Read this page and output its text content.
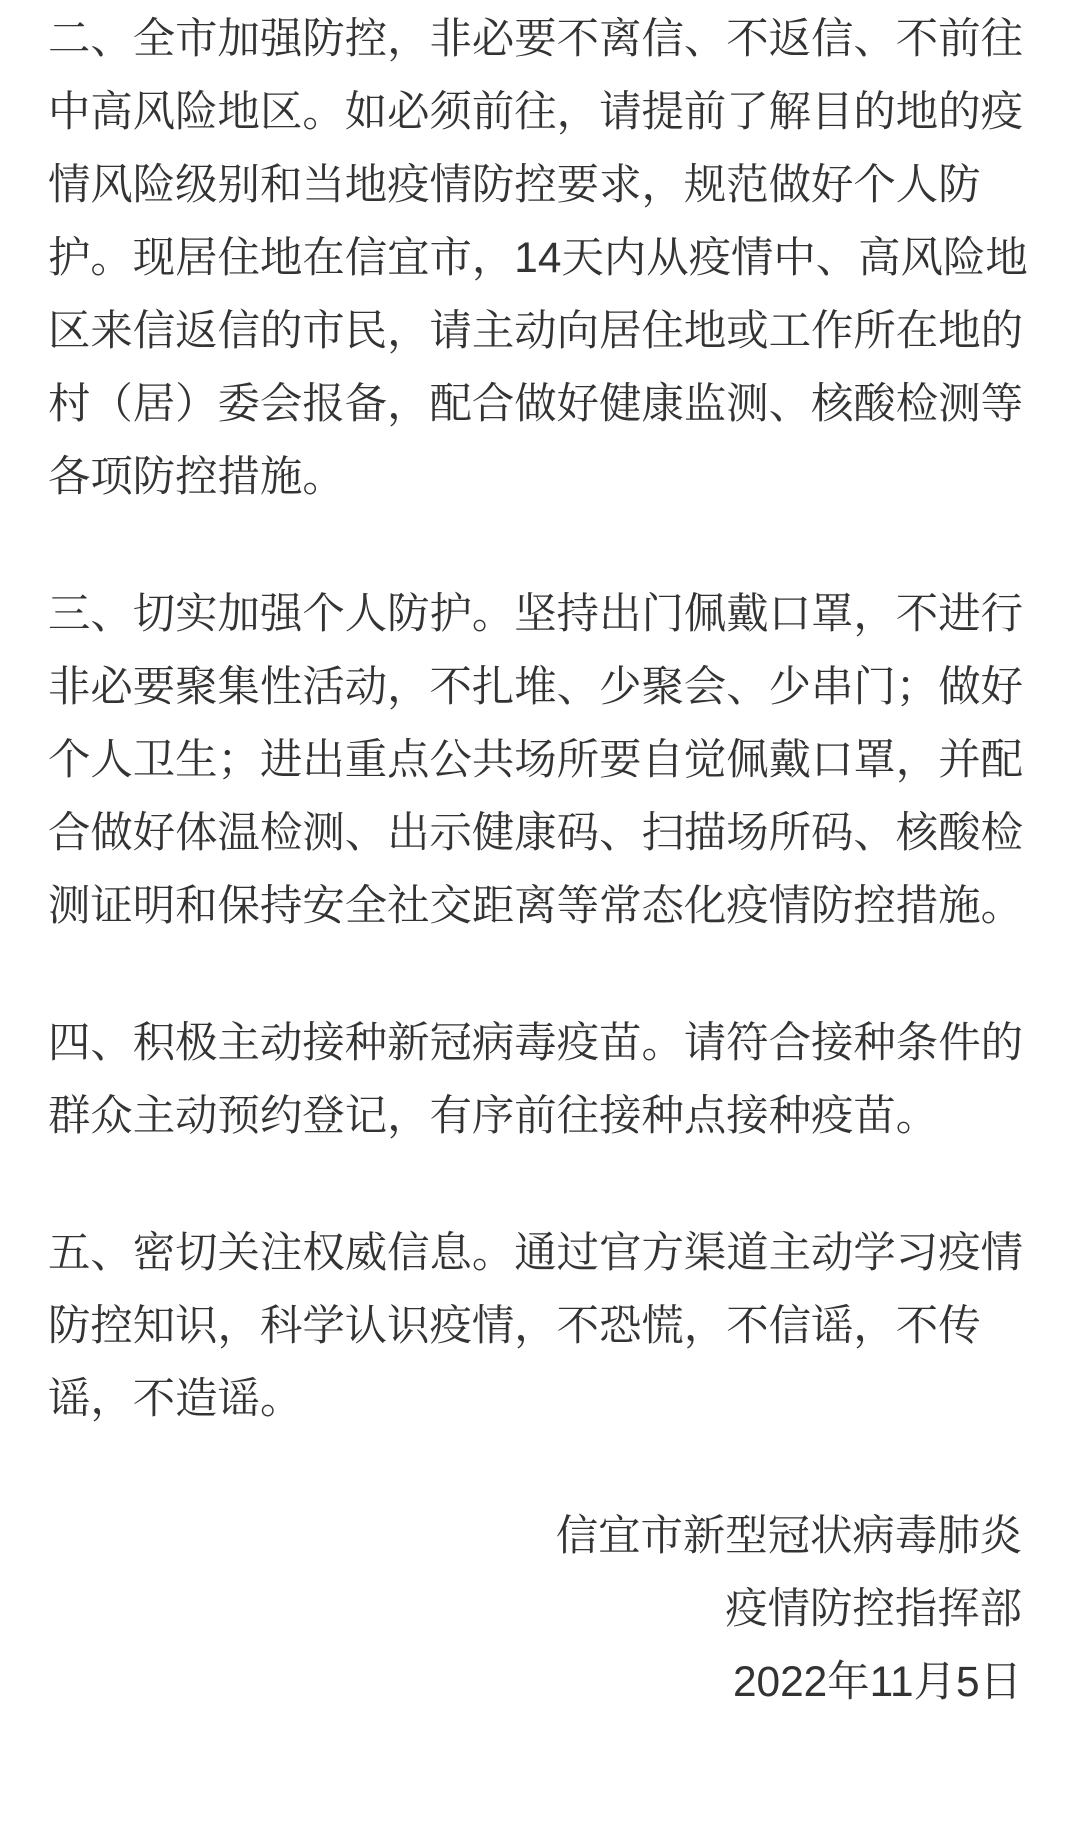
二、全市加强防控，非必要不离信、不返信、不前往中高风险地区。如必须前往，请提前了解目的地的疫情风险级别和当地疫情防控要求，规范做好个人防护。现居住地在信宜市，14天内从疫情中、高风险地区来信返信的市民，请主动向居住地或工作所在地的村（居）委会报备，配合做好健康监测、核酸检测等各项防控措施。

三、切实加强个人防护。坚持出门佩戴口罩，不进行非必要聚集性活动，不扎堆、少聚会、少串门；做好个人卫生；进出重点公共场所要自觉佩戴口罩，并配合做好体温检测、出示健康码、扫描场所码、核酸检测证明和保持安全社交距离等常态化疫情防控措施。

四、积极主动接种新冠病毒疫苗。请符合接种条件的群众主动预约登记，有序前往接种点接种疫苗。

五、密切关注权威信息。通过官方渠道主动学习疫情防控知识，科学认识疫情，不恐慌，不信谣，不传谣，不造谣。

信宜市新型冠状病毒肺炎
疫情防控指挥部
2022年11月5日
